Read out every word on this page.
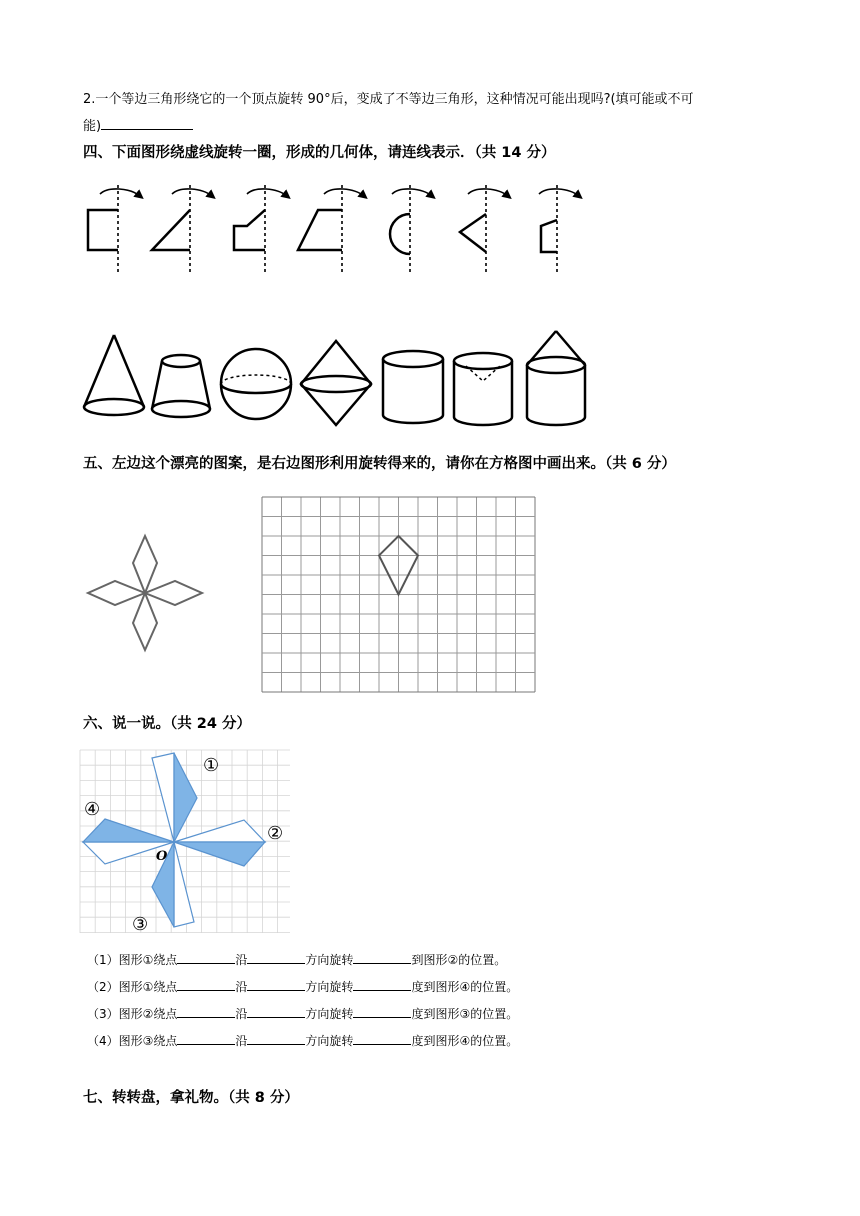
2.一个等边三角形绕它的一个顶点旋转 90°后，变成了不等边三角形，这种情况可能出现吗?(填可能或不可
能)
四、下面图形绕虚线旋转一圈，形成的几何体，请连线表示．（共 14 分）
五、左边这个漂亮的图案，是右边图形利用旋转得来的，请你在方格图中画出来。（共 6 分）
六、说一说。（共 24 分）
①
②
③
④
O
（1）图形①绕点	沿	方向旋转	到图形②的位置。
（2）图形①绕点	沿	方向旋转	度到图形④的位置。
（3）图形②绕点	沿	方向旋转	度到图形③的位置。
（4）图形③绕点	沿	方向旋转	度到图形④的位置。
七、转转盘，拿礼物。（共 8 分）
